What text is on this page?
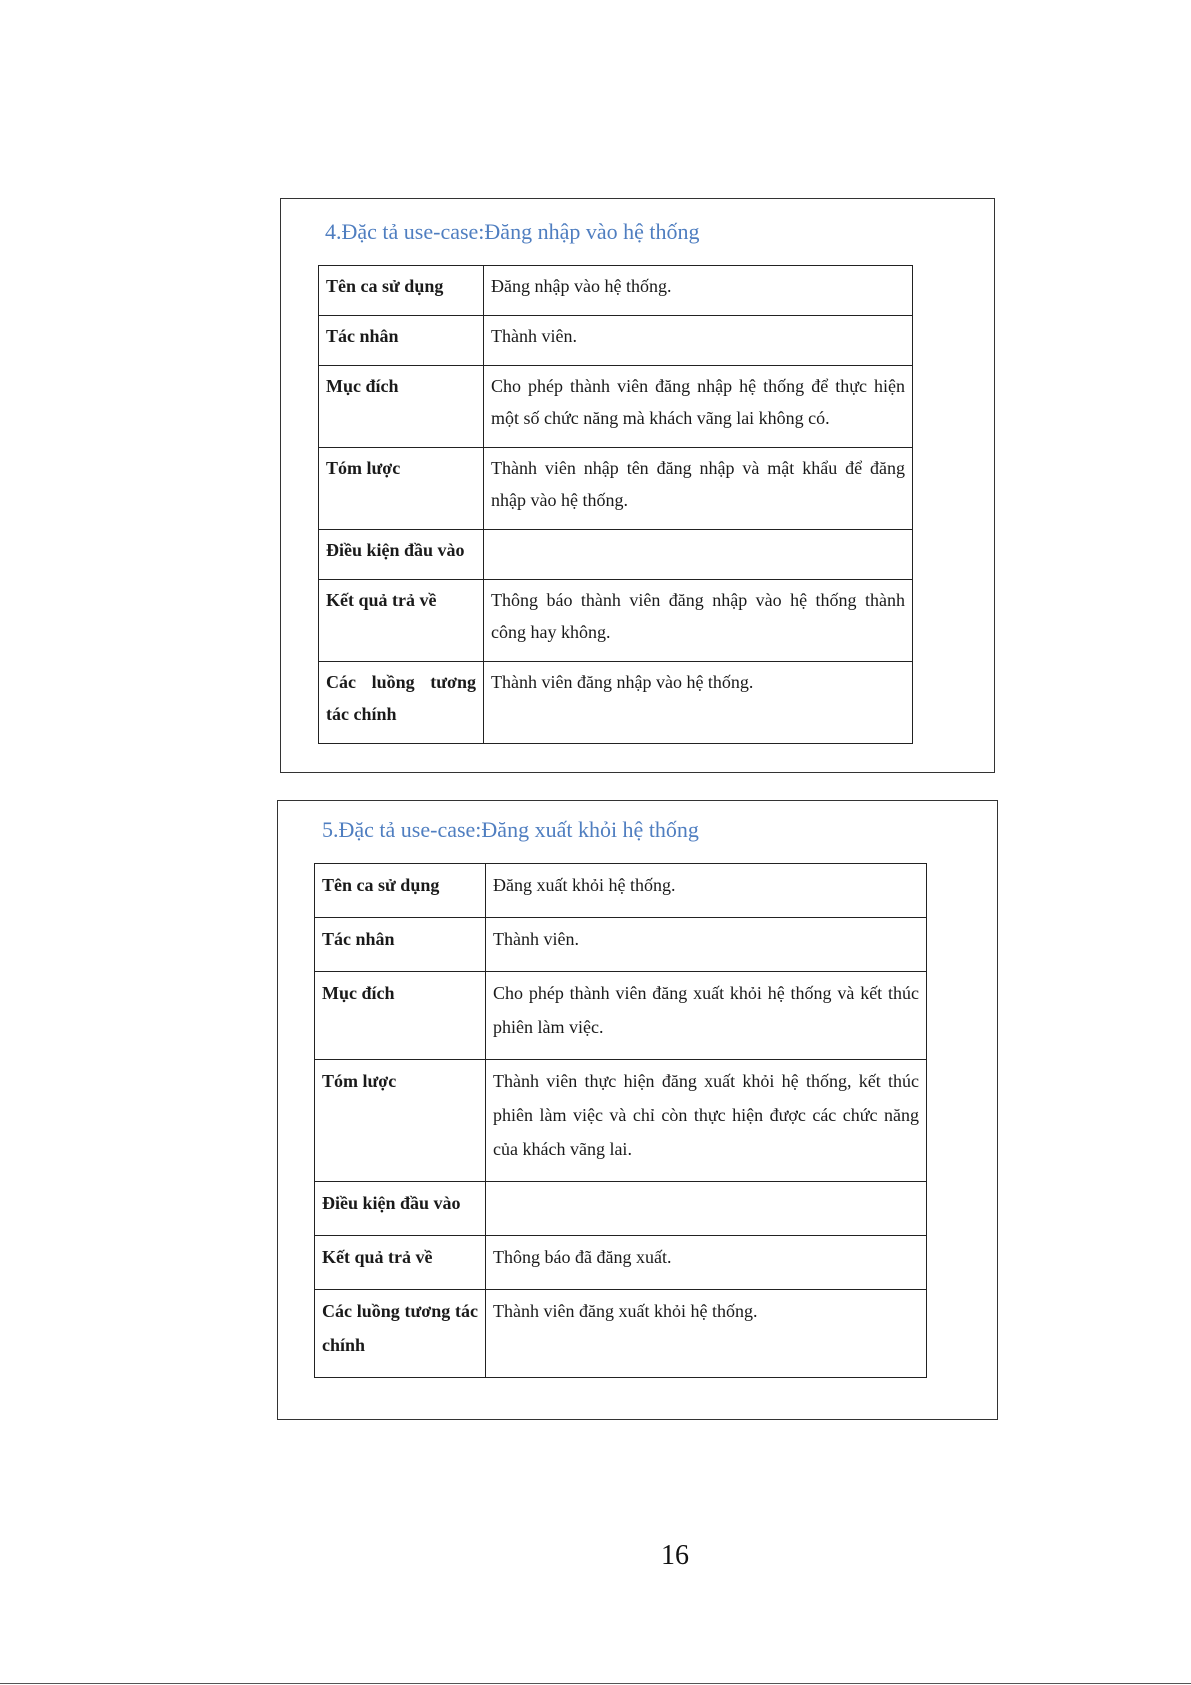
4.Đặc tả use-case:Đăng nhập vào hệ thống
Tên ca sử dụng	Đăng nhập vào hệ thống.
Tác nhân	Thành viên.
Mục đích	Cho phép thành viên đăng nhập hệ thống để thực hiện một số chức năng mà khách vãng lai không có.
Tóm lược	Thành viên nhập tên đăng nhập và mật khẩu để đăng nhập vào hệ thống.
Điều kiện đầu vào	
Kết quả trả về	Thông báo thành viên đăng nhập vào hệ thống thành công hay không.
Các luồng tương tác chính	Thành viên đăng nhập vào hệ thống.
5.Đặc tả use-case:Đăng xuất khỏi hệ thống
Tên ca sử dụng	Đăng xuất khỏi hệ thống.
Tác nhân	Thành viên.
Mục đích	Cho phép thành viên đăng xuất khỏi hệ thống và kết thúc phiên làm việc.
Tóm lược	Thành viên thực hiện đăng xuất khỏi hệ thống, kết thúc phiên làm việc và chỉ còn thực hiện được các chức năng của khách vãng lai.
Điều kiện đầu vào	
Kết quả trả về	Thông báo đã đăng xuất.
Các luồng tương tác chính	Thành viên đăng xuất khỏi hệ thống.
16
